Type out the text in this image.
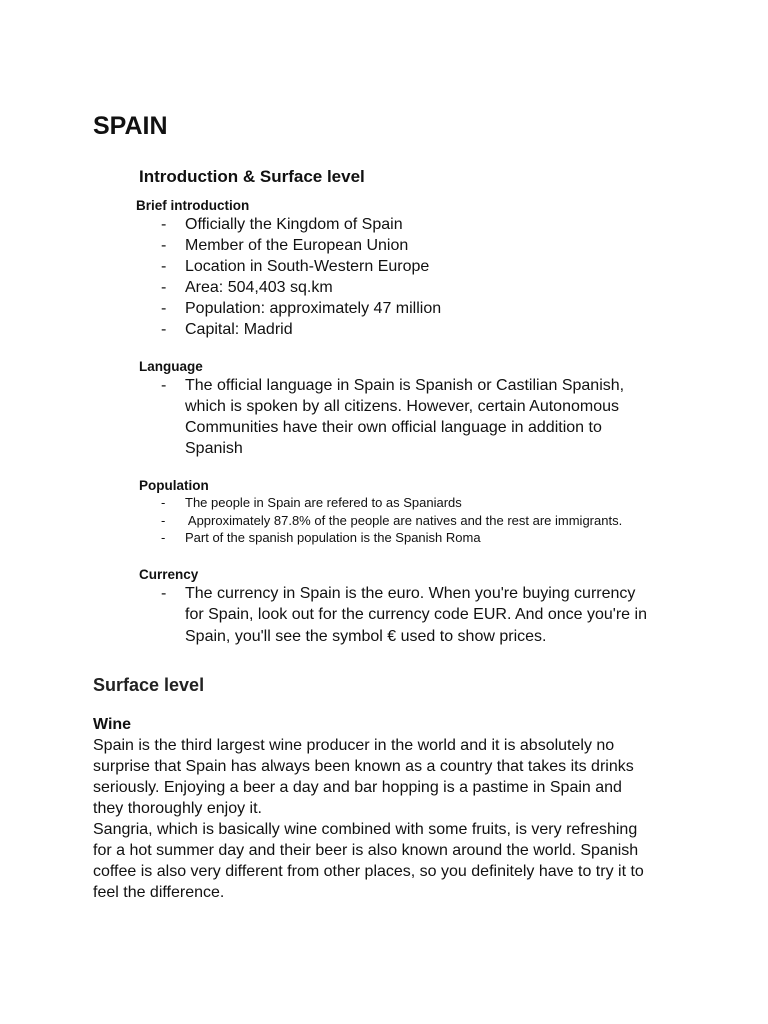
SPAIN
Introduction & Surface level
Brief introduction
- Officially the Kingdom of Spain
- Member of the European Union
- Location in South-Western Europe
- Area: 504,403 sq.km
- Population: approximately 47 million
- Capital: Madrid
Language
- The official language in Spain is Spanish or Castilian Spanish,
which is spoken by all citizens. However, certain Autonomous
Communities have their own official language in addition to
Spanish
Population
- The people in Spain are refered to as Spaniards
- Approximately 87.8% of the people are natives and the rest are immigrants.
- Part of the spanish population is the Spanish Roma
Currency
- The currency in Spain is the euro. When you're buying currency
for Spain, look out for the currency code EUR. And once you're in
Spain, you'll see the symbol € used to show prices.
Surface level
Wine
Spain is the third largest wine producer in the world and it is absolutely no
surprise that Spain has always been known as a country that takes its drinks
seriously. Enjoying a beer a day and bar hopping is a pastime in Spain and
they thoroughly enjoy it.
Sangria, which is basically wine combined with some fruits, is very refreshing
for a hot summer day and their beer is also known around the world. Spanish
coffee is also very different from other places, so you definitely have to try it to
feel the difference.
